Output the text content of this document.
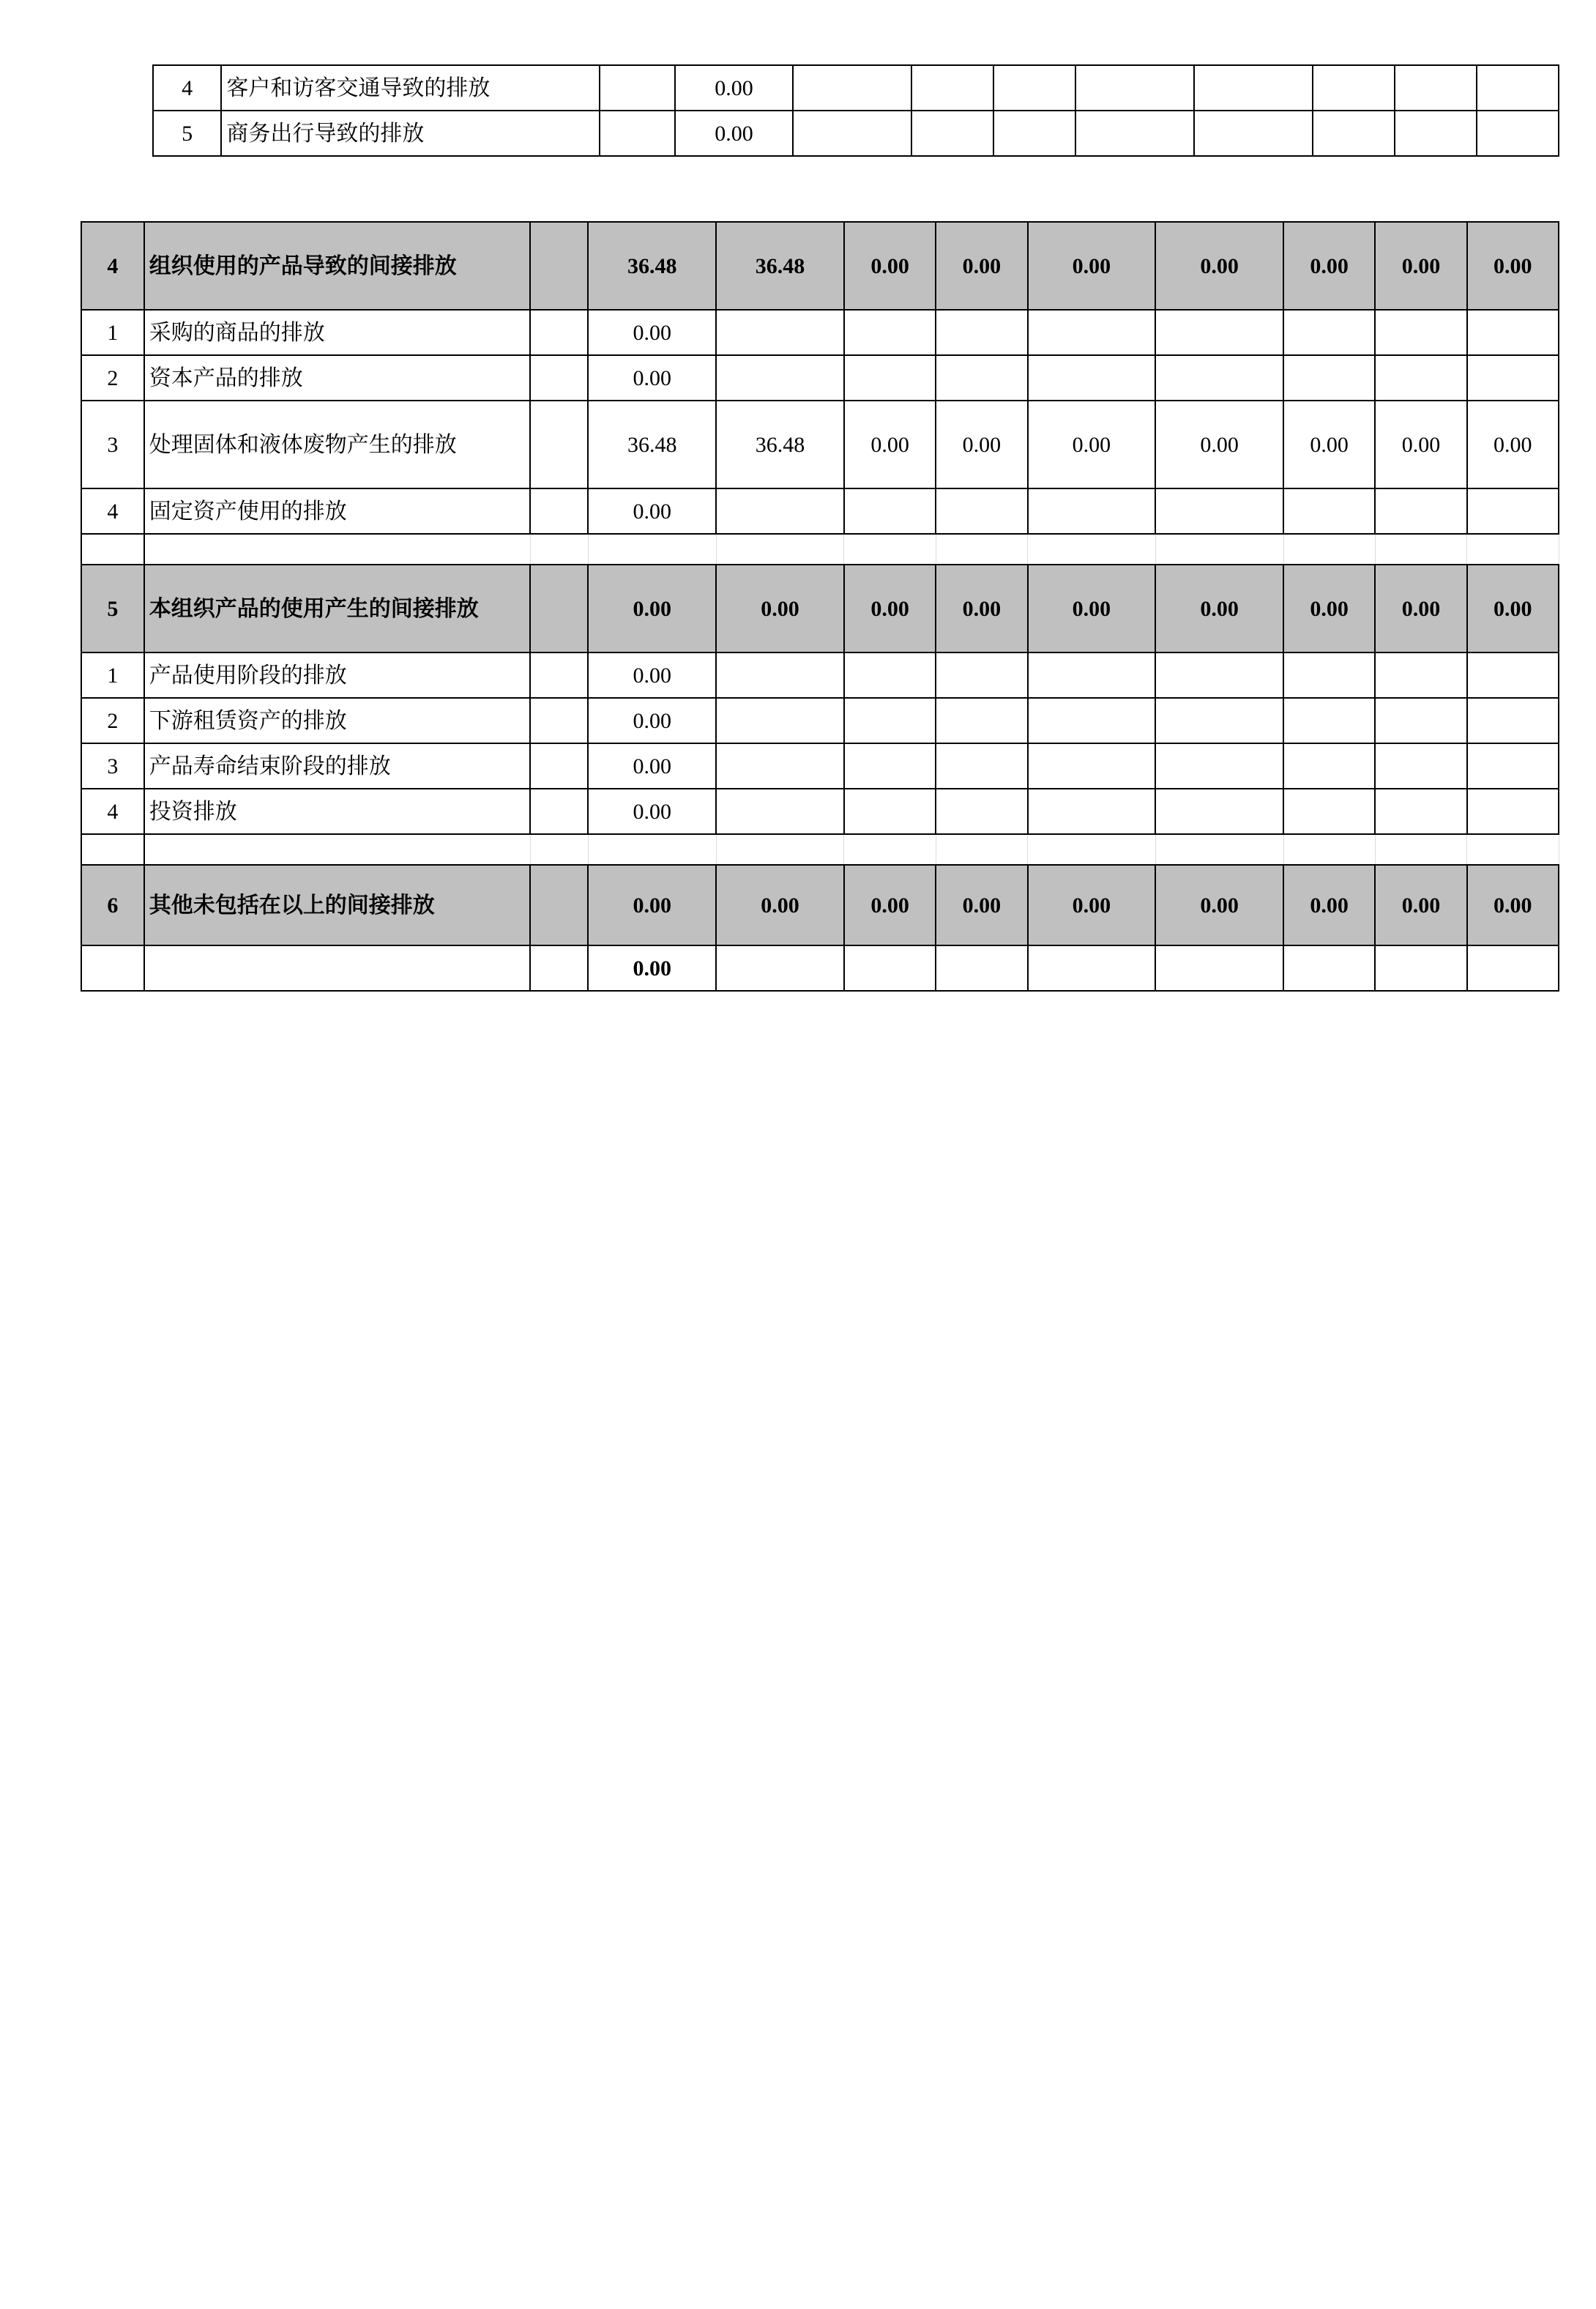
4	客户和访客交通导致的排放		0.00								
5	商务出行导致的排放		0.00								
4	组织使用的产品导致的间接排放		36.48	36.48	0.00	0.00	0.00	0.00	0.00	0.00	0.00
1	采购的商品的排放		0.00								
2	资本产品的排放		0.00								
3	处理固体和液体废物产生的排放		36.48	36.48	0.00	0.00	0.00	0.00	0.00	0.00	0.00
4	固定资产使用的排放		0.00								

5	本组织产品的使用产生的间接排放		0.00	0.00	0.00	0.00	0.00	0.00	0.00	0.00	0.00
1	产品使用阶段的排放		0.00								
2	下游租赁资产的排放		0.00								
3	产品寿命结束阶段的排放		0.00								
4	投资排放		0.00								

6	其他未包括在以上的间接排放		0.00	0.00	0.00	0.00	0.00	0.00	0.00	0.00	0.00
			0.00								
